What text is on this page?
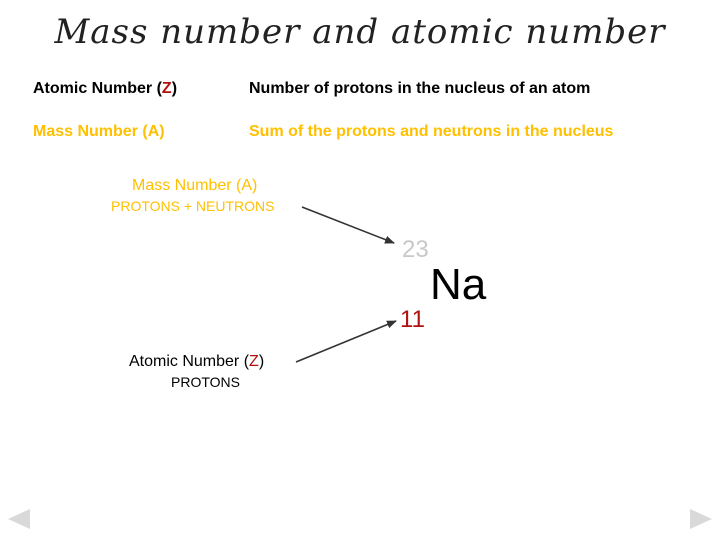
Mass number and atomic number
Atomic Number (Z)	Number of protons in the nucleus of an atom
Mass Number (A)	Sum of the protons and neutrons in the nucleus
Mass Number (A)
PROTONS + NEUTRONS
23
Na
11
Atomic Number (Z)
PROTONS
